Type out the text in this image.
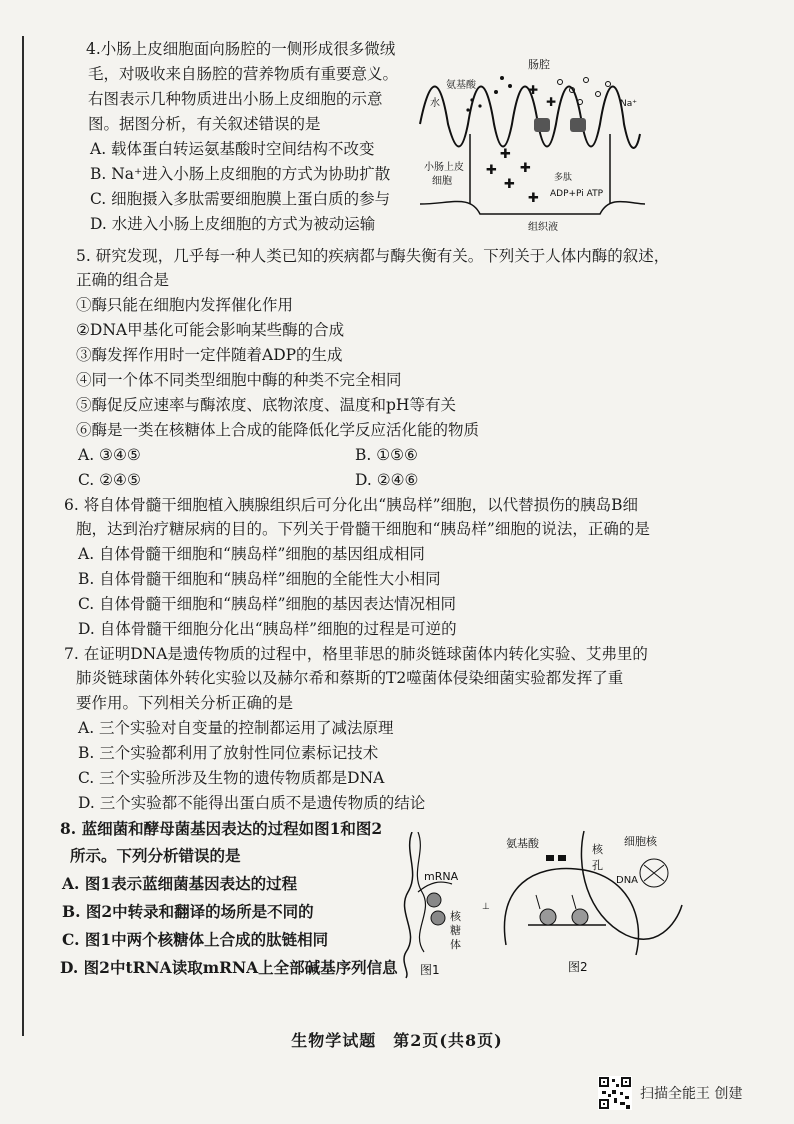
4.小肠上皮细胞面向肠腔的一侧形成很多微绒
毛，对吸收来自肠腔的营养物质有重要意义。
右图表示几种物质进出小肠上皮细胞的示意
图。据图分析，有关叙述错误的是
A. 载体蛋白转运氨基酸时空间结构不改变
B. Na⁺进入小肠上皮细胞的方式为协助扩散
C. 细胞摄入多肽需要细胞膜上蛋白质的参与
D. 水进入小肠上皮细胞的方式为被动运输
肠腔
氨基酸
水	Na⁺
✚
✚
✚
✚
✚
✚
✚
小肠上皮
细胞	多肽
ADP+Pi ATP
组织液
5. 研究发现，几乎每一种人类已知的疾病都与酶失衡有关。下列关于人体内酶的叙述，
正确的组合是
①酶只能在细胞内发挥催化作用
②DNA甲基化可能会影响某些酶的合成
③酶发挥作用时一定伴随着ADP的生成
④同一个体不同类型细胞中酶的种类不完全相同
⑤酶促反应速率与酶浓度、底物浓度、温度和pH等有关
⑥酶是一类在核糖体上合成的能降低化学反应活化能的物质
A. ③④⑤	B. ①⑤⑥
C. ②④⑤	D. ②④⑥
6. 将自体骨髓干细胞植入胰腺组织后可分化出“胰岛样”细胞，以代替损伤的胰岛B细
胞，达到治疗糖尿病的目的。下列关于骨髓干细胞和“胰岛样”细胞的说法，正确的是
A. 自体骨髓干细胞和“胰岛样”细胞的基因组成相同
B. 自体骨髓干细胞和“胰岛样”细胞的全能性大小相同
C. 自体骨髓干细胞和“胰岛样”细胞的基因表达情况相同
D. 自体骨髓干细胞分化出“胰岛样”细胞的过程是可逆的
7. 在证明DNA是遗传物质的过程中，格里菲思的肺炎链球菌体内转化实验、艾弗里的
肺炎链球菌体外转化实验以及赫尔希和蔡斯的T2噬菌体侵染细菌实验都发挥了重
要作用。下列相关分析正确的是
A. 三个实验对自变量的控制都运用了减法原理
B. 三个实验都利用了放射性同位素标记技术
C. 三个实验所涉及生物的遗传物质都是DNA
D. 三个实验都不能得出蛋白质不是遗传物质的结论
8. 蓝细菌和酵母菌基因表达的过程如图1和图2
所示。下列分析错误的是
A. 图1表示蓝细菌基因表达的过程
B. 图2中转录和翻译的场所是不同的
C. 图1中两个核糖体上合成的肽链相同
D. 图2中tRNA读取mRNA上全部碱基序列信息
mRNA
核
糖
体
图1
氨基酸	核
孔
细胞核
DNA
⊥
图2
生物学试题　第2页(共8页)
扫描全能王 创建
